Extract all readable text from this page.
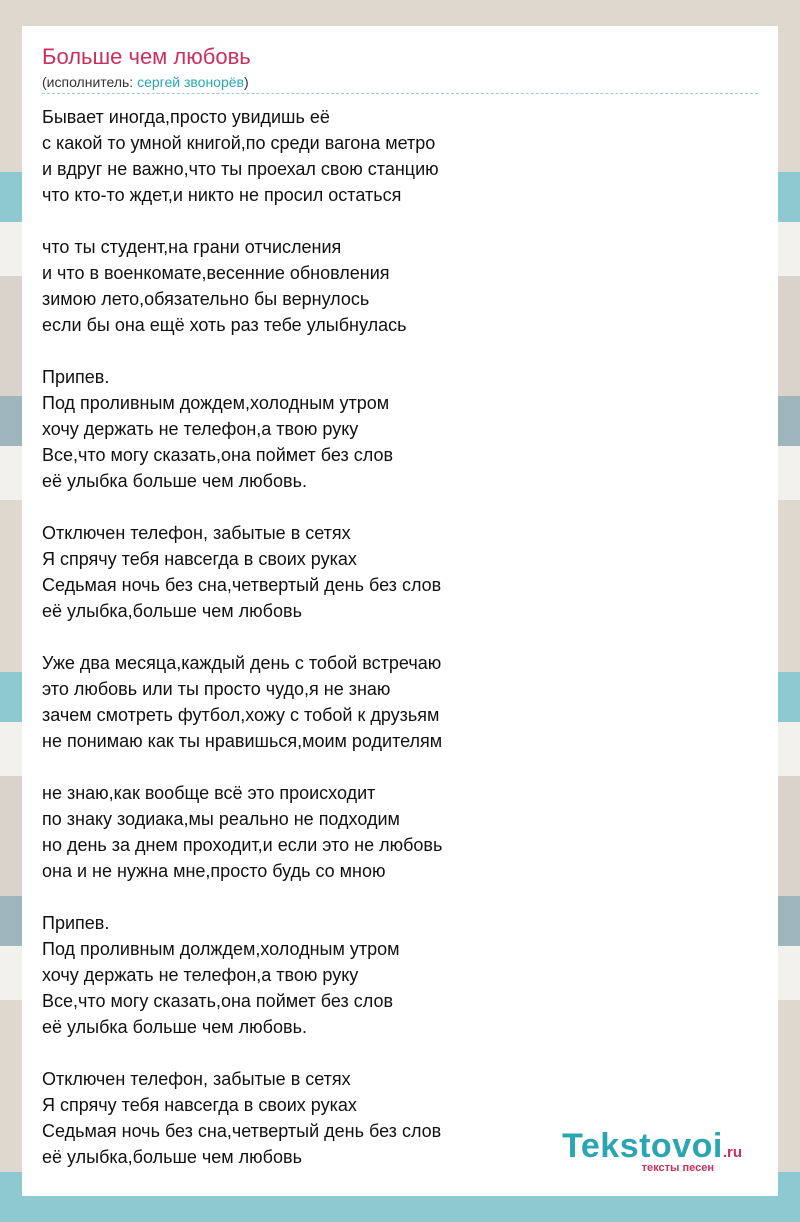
Больше чем любовь
(исполнитель: сергей звонорёв)
Бывает иногда,просто увидишь её
с какой то умной книгой,по среди вагона метро
и вдруг не важно,что ты проехал свою станцию
что кто-то ждет,и никто не просил остаться
что ты студент,на грани отчисления
и что в военкомате,весенние обновления
зимою лето,обязательно бы вернулось
если бы она ещё хоть раз тебе улыбнулась
Припев.
Под проливным дождем,холодным утром
хочу держать не телефон,а твою руку
Все,что могу сказать,она поймет без слов
её улыбка больше чем любовь.
Отключен телефон, забытые в сетях
Я спрячу тебя навсегда в своих руках
Седьмая ночь без сна,четвертый день без слов
её улыбка,больше чем любовь
Уже два месяца,каждый день с тобой встречаю
это любовь или ты просто чудо,я не знаю
зачем смотреть футбол,хожу с тобой к друзьям
не понимаю как ты нравишься,моим родителям
не знаю,как вообще всё это происходит
по знаку зодиака,мы реально не подходим
но день за днем проходит,и если это не любовь
она и не нужна мне,просто будь со мною
Припев.
Под проливным долждем,холодным утром
хочу держать не телефон,а твою руку
Все,что могу сказать,она поймет без слов
её улыбка больше чем любовь.
Отключен телефон, забытые в сетях
Я спрячу тебя навсегда в своих руках
Седьмая ночь без сна,четвертый день без слов
её улыбка,больше чем любовь	Tekstovoi.ru
тексты песен
